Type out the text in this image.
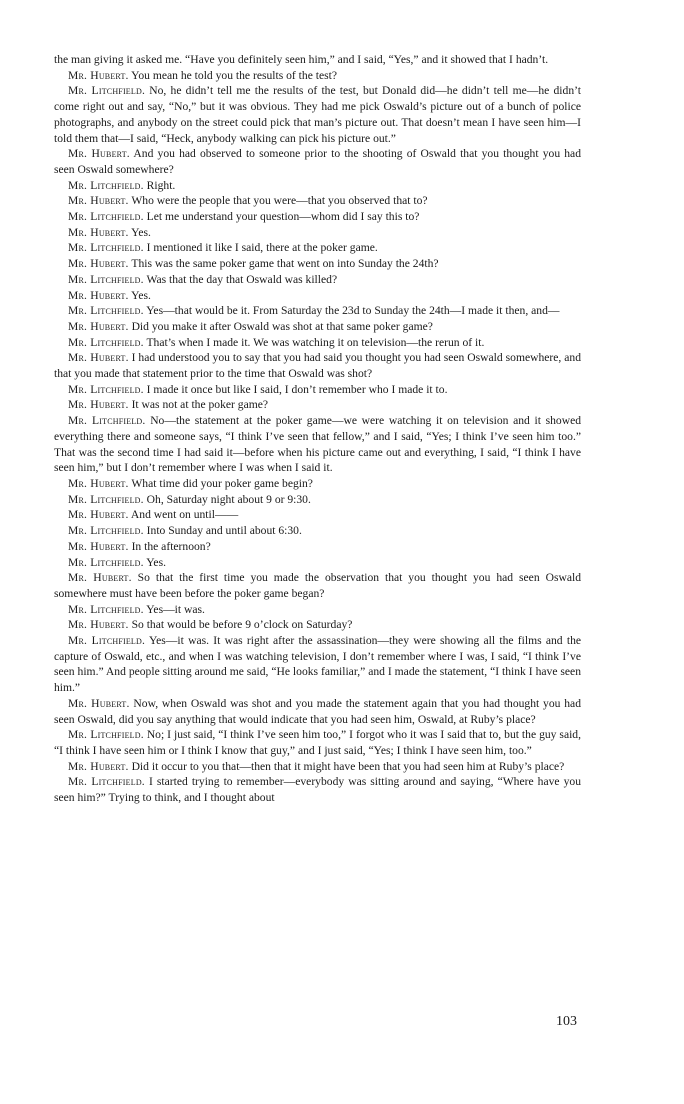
the man giving it asked me. “Have you definitely seen him,” and I said, “Yes,” and it showed that I hadn’t.

Mr. Hubert. You mean he told you the results of the test?

Mr. Litchfield. No, he didn’t tell me the results of the test, but Donald did—he didn’t tell me—he didn’t come right out and say, “No,” but it was obvious. They had me pick Oswald’s picture out of a bunch of police photographs, and anybody on the street could pick that man’s picture out. That doesn’t mean I have seen him—I told them that—I said, “Heck, anybody walking can pick his picture out.”

Mr. Hubert. And you had observed to someone prior to the shooting of Oswald that you thought you had seen Oswald somewhere?

Mr. Litchfield. Right.

Mr. Hubert. Who were the people that you were—that you observed that to?

Mr. Litchfield. Let me understand your question—whom did I say this to?

Mr. Hubert. Yes.

Mr. Litchfield. I mentioned it like I said, there at the poker game.

Mr. Hubert. This was the same poker game that went on into Sunday the 24th?

Mr. Litchfield. Was that the day that Oswald was killed?

Mr. Hubert. Yes.

Mr. Litchfield. Yes—that would be it. From Saturday the 23d to Sunday the 24th—I made it then, and—

Mr. Hubert. Did you make it after Oswald was shot at that same poker game?

Mr. Litchfield. That’s when I made it. We was watching it on television—the rerun of it.

Mr. Hubert. I had understood you to say that you had said you thought you had seen Oswald somewhere, and that you made that statement prior to the time that Oswald was shot?

Mr. Litchfield. I made it once but like I said, I don’t remember who I made it to.

Mr. Hubert. It was not at the poker game?

Mr. Litchfield. No—the statement at the poker game—we were watching it on television and it showed everything there and someone says, “I think I’ve seen that fellow,” and I said, “Yes; I think I’ve seen him too.” That was the second time I had said it—before when his picture came out and everything, I said, “I think I have seen him,” but I don’t remember where I was when I said it.

Mr. Hubert. What time did your poker game begin?

Mr. Litchfield. Oh, Saturday night about 9 or 9:30.

Mr. Hubert. And went on until——

Mr. Litchfield. Into Sunday and until about 6:30.

Mr. Hubert. In the afternoon?

Mr. Litchfield. Yes.

Mr. Hubert. So that the first time you made the observation that you thought you had seen Oswald somewhere must have been before the poker game began?

Mr. Litchfield. Yes—it was.

Mr. Hubert. So that would be before 9 o’clock on Saturday?

Mr. Litchfield. Yes—it was. It was right after the assassination—they were showing all the films and the capture of Oswald, etc., and when I was watching television, I don’t remember where I was, I said, “I think I’ve seen him.” And people sitting around me said, “He looks familiar,” and I made the statement, “I think I have seen him.”

Mr. Hubert. Now, when Oswald was shot and you made the statement again that you had thought you had seen Oswald, did you say anything that would indicate that you had seen him, Oswald, at Ruby’s place?

Mr. Litchfield. No; I just said, “I think I’ve seen him too,” I forgot who it was I said that to, but the guy said, “I think I have seen him or I think I know that guy,” and I just said, “Yes; I think I have seen him, too.”

Mr. Hubert. Did it occur to you that—then that it might have been that you had seen him at Ruby’s place?

Mr. Litchfield. I started trying to remember—everybody was sitting around and saying, “Where have you seen him?” Trying to think, and I thought about

103
